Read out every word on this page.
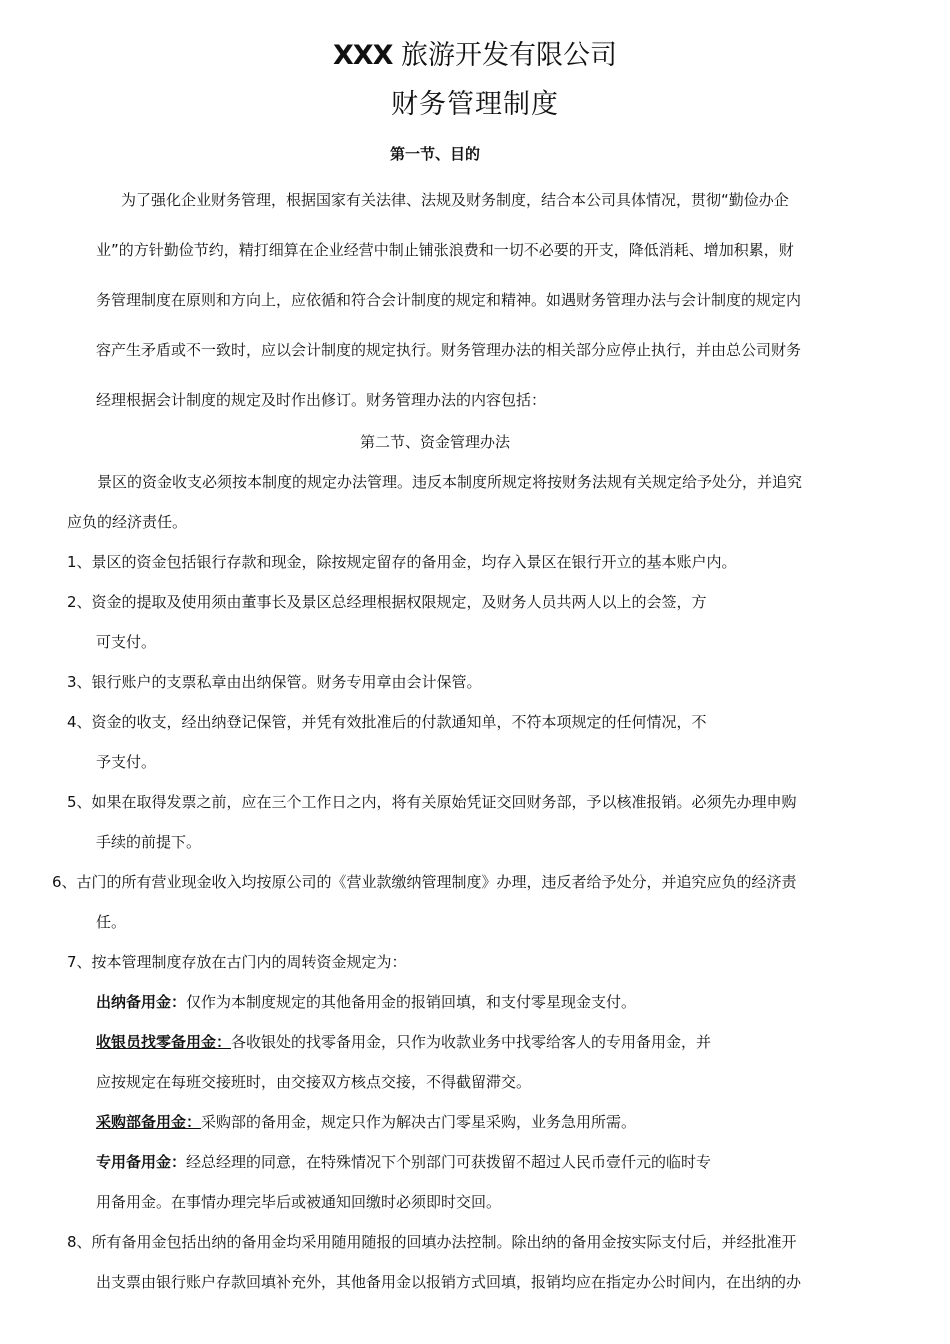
XXX 旅游开发有限公司
财务管理制度
第一节、目的
为了强化企业财务管理，根据国家有关法律、法规及财务制度，结合本公司具体情况，贯彻“勤俭办企
业”的方针勤俭节约，精打细算在企业经营中制止铺张浪费和一切不必要的开支，降低消耗、增加积累，财
务管理制度在原则和方向上，应依循和符合会计制度的规定和精神。如遇财务管理办法与会计制度的规定内
容产生矛盾或不一致时，应以会计制度的规定执行。财务管理办法的相关部分应停止执行，并由总公司财务
经理根据会计制度的规定及时作出修订。财务管理办法的内容包括：
第二节、资金管理办法
景区的资金收支必须按本制度的规定办法管理。违反本制度所规定将按财务法规有关规定给予处分，并追究
应负的经济责任。
1、景区的资金包括银行存款和现金，除按规定留存的备用金，均存入景区在银行开立的基本账户内。
2、资金的提取及使用须由董事长及景区总经理根据权限规定，及财务人员共两人以上的会签，方
可支付。
3、银行账户的支票私章由出纳保管。财务专用章由会计保管。
4、资金的收支，经出纳登记保管，并凭有效批准后的付款通知单，不符本项规定的任何情况，不
予支付。
5、如果在取得发票之前，应在三个工作日之内，将有关原始凭证交回财务部，予以核准报销。必须先办理申购
手续的前提下。
6、古门的所有营业现金收入均按原公司的《营业款缴纳管理制度》办理，违反者给予处分，并追究应负的经济责
任。
7、按本管理制度存放在古门内的周转资金规定为：
出纳备用金：仅作为本制度规定的其他备用金的报销回填，和支付零星现金支付。
收银员找零备用金：各收银处的找零备用金，只作为收款业务中找零给客人的专用备用金，并
应按规定在每班交接班时，由交接双方核点交接，不得截留滞交。
采购部备用金：采购部的备用金，规定只作为解决古门零星采购，业务急用所需。
专用备用金：经总经理的同意，在特殊情况下个别部门可获拨留不超过人民币壹仟元的临时专
用备用金。在事情办理完毕后或被通知回缴时必须即时交回。
8、所有备用金包括出纳的备用金均采用随用随报的回填办法控制。除出纳的备用金按实际支付后，并经批准开
出支票由银行账户存款回填补充外，其他备用金以报销方式回填，报销均应在指定办公时间内，在出纳的办
